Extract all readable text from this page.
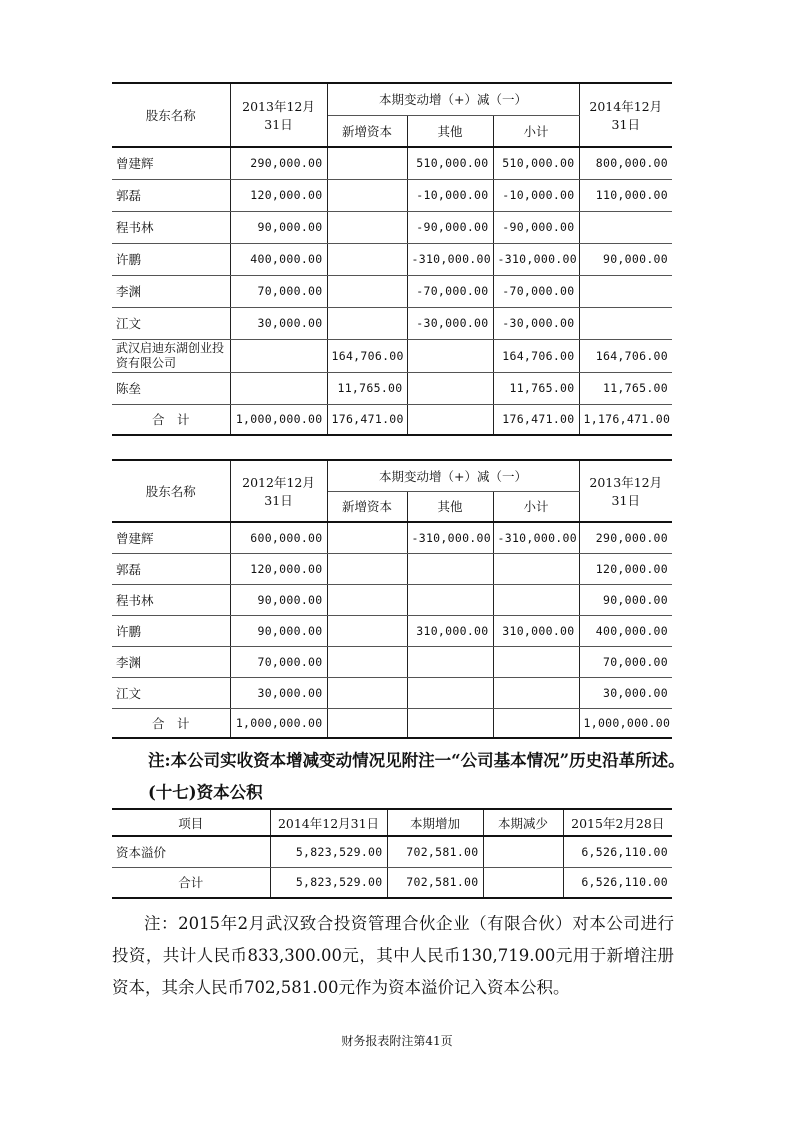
股东名称	2013年12月31日	本期变动增（+）减（一）			2014年12月31日
		新增资本	其他	小计	
曾建辉	290,000.00		510,000.00	510,000.00	800,000.00
郭磊	120,000.00		-10,000.00	-10,000.00	110,000.00
程书林	90,000.00		-90,000.00	-90,000.00	
许鹏	400,000.00		-310,000.00	-310,000.00	90,000.00
李渊	70,000.00		-70,000.00	-70,000.00	
江文	30,000.00		-30,000.00	-30,000.00	
武汉启迪东湖创业投资有限公司		164,706.00		164,706.00	164,706.00
陈垒		11,765.00		11,765.00	11,765.00
合　计	1,000,000.00	176,471.00		176,471.00	1,176,471.00
股东名称	2012年12月31日	本期变动增（+）减（一）			2013年12月31日
		新增资本	其他	小计	
曾建辉	600,000.00		-310,000.00	-310,000.00	290,000.00
郭磊	120,000.00				120,000.00
程书林	90,000.00				90,000.00
许鹏	90,000.00		310,000.00	310,000.00	400,000.00
李渊	70,000.00				70,000.00
江文	30,000.00				30,000.00
合　计	1,000,000.00				1,000,000.00
注:本公司实收资本增减变动情况见附注一“公司基本情况”历史沿革所述。
(十七)资本公积
项目	2014年12月31日	本期增加	本期减少	2015年2月28日
资本溢价	5,823,529.00	702,581.00		6,526,110.00
合计	5,823,529.00	702,581.00		6,526,110.00
注：2015年2月武汉致合投资管理合伙企业（有限合伙）对本公司进行投资，共计人民币833,300.00元，其中人民币130,719.00元用于新增注册资本，其余人民币702,581.00元作为资本溢价记入资本公积。
财务报表附注第41页
